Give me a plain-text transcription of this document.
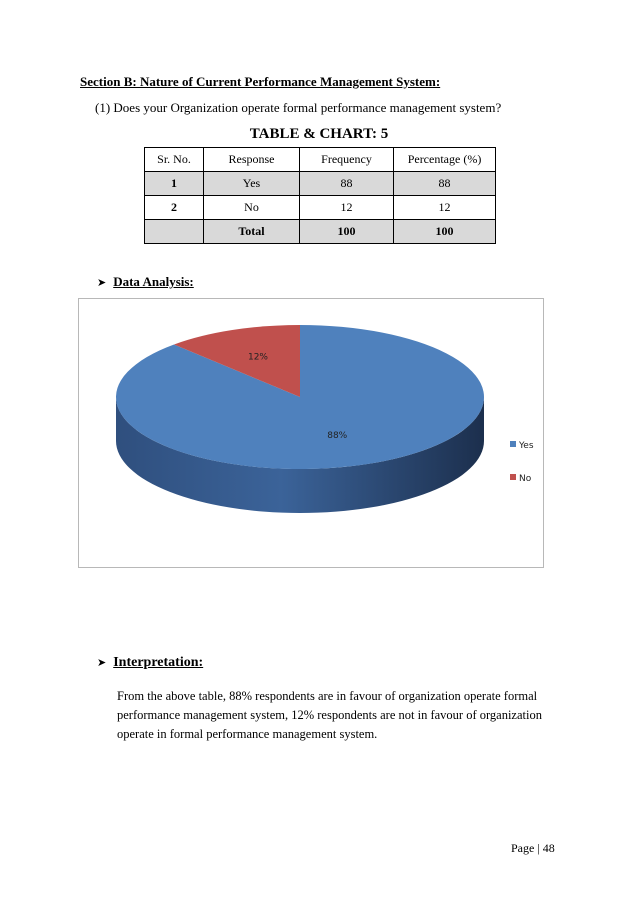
Section B: Nature of Current Performance Management System:
(1) Does your Organization operate formal performance management system?
TABLE & CHART: 5
Sr. No.	Response	Frequency	Percentage (%)
1	Yes	88	88
2	No	12	12
	Total	100	100
➤ Data Analysis:
88%
12%
Yes
No
➤ Interpretation:
From the above table, 88% respondents are in favour of organization operate formal performance management system, 12% respondents are not in favour of organization operate in formal performance management system.
Page | 48
